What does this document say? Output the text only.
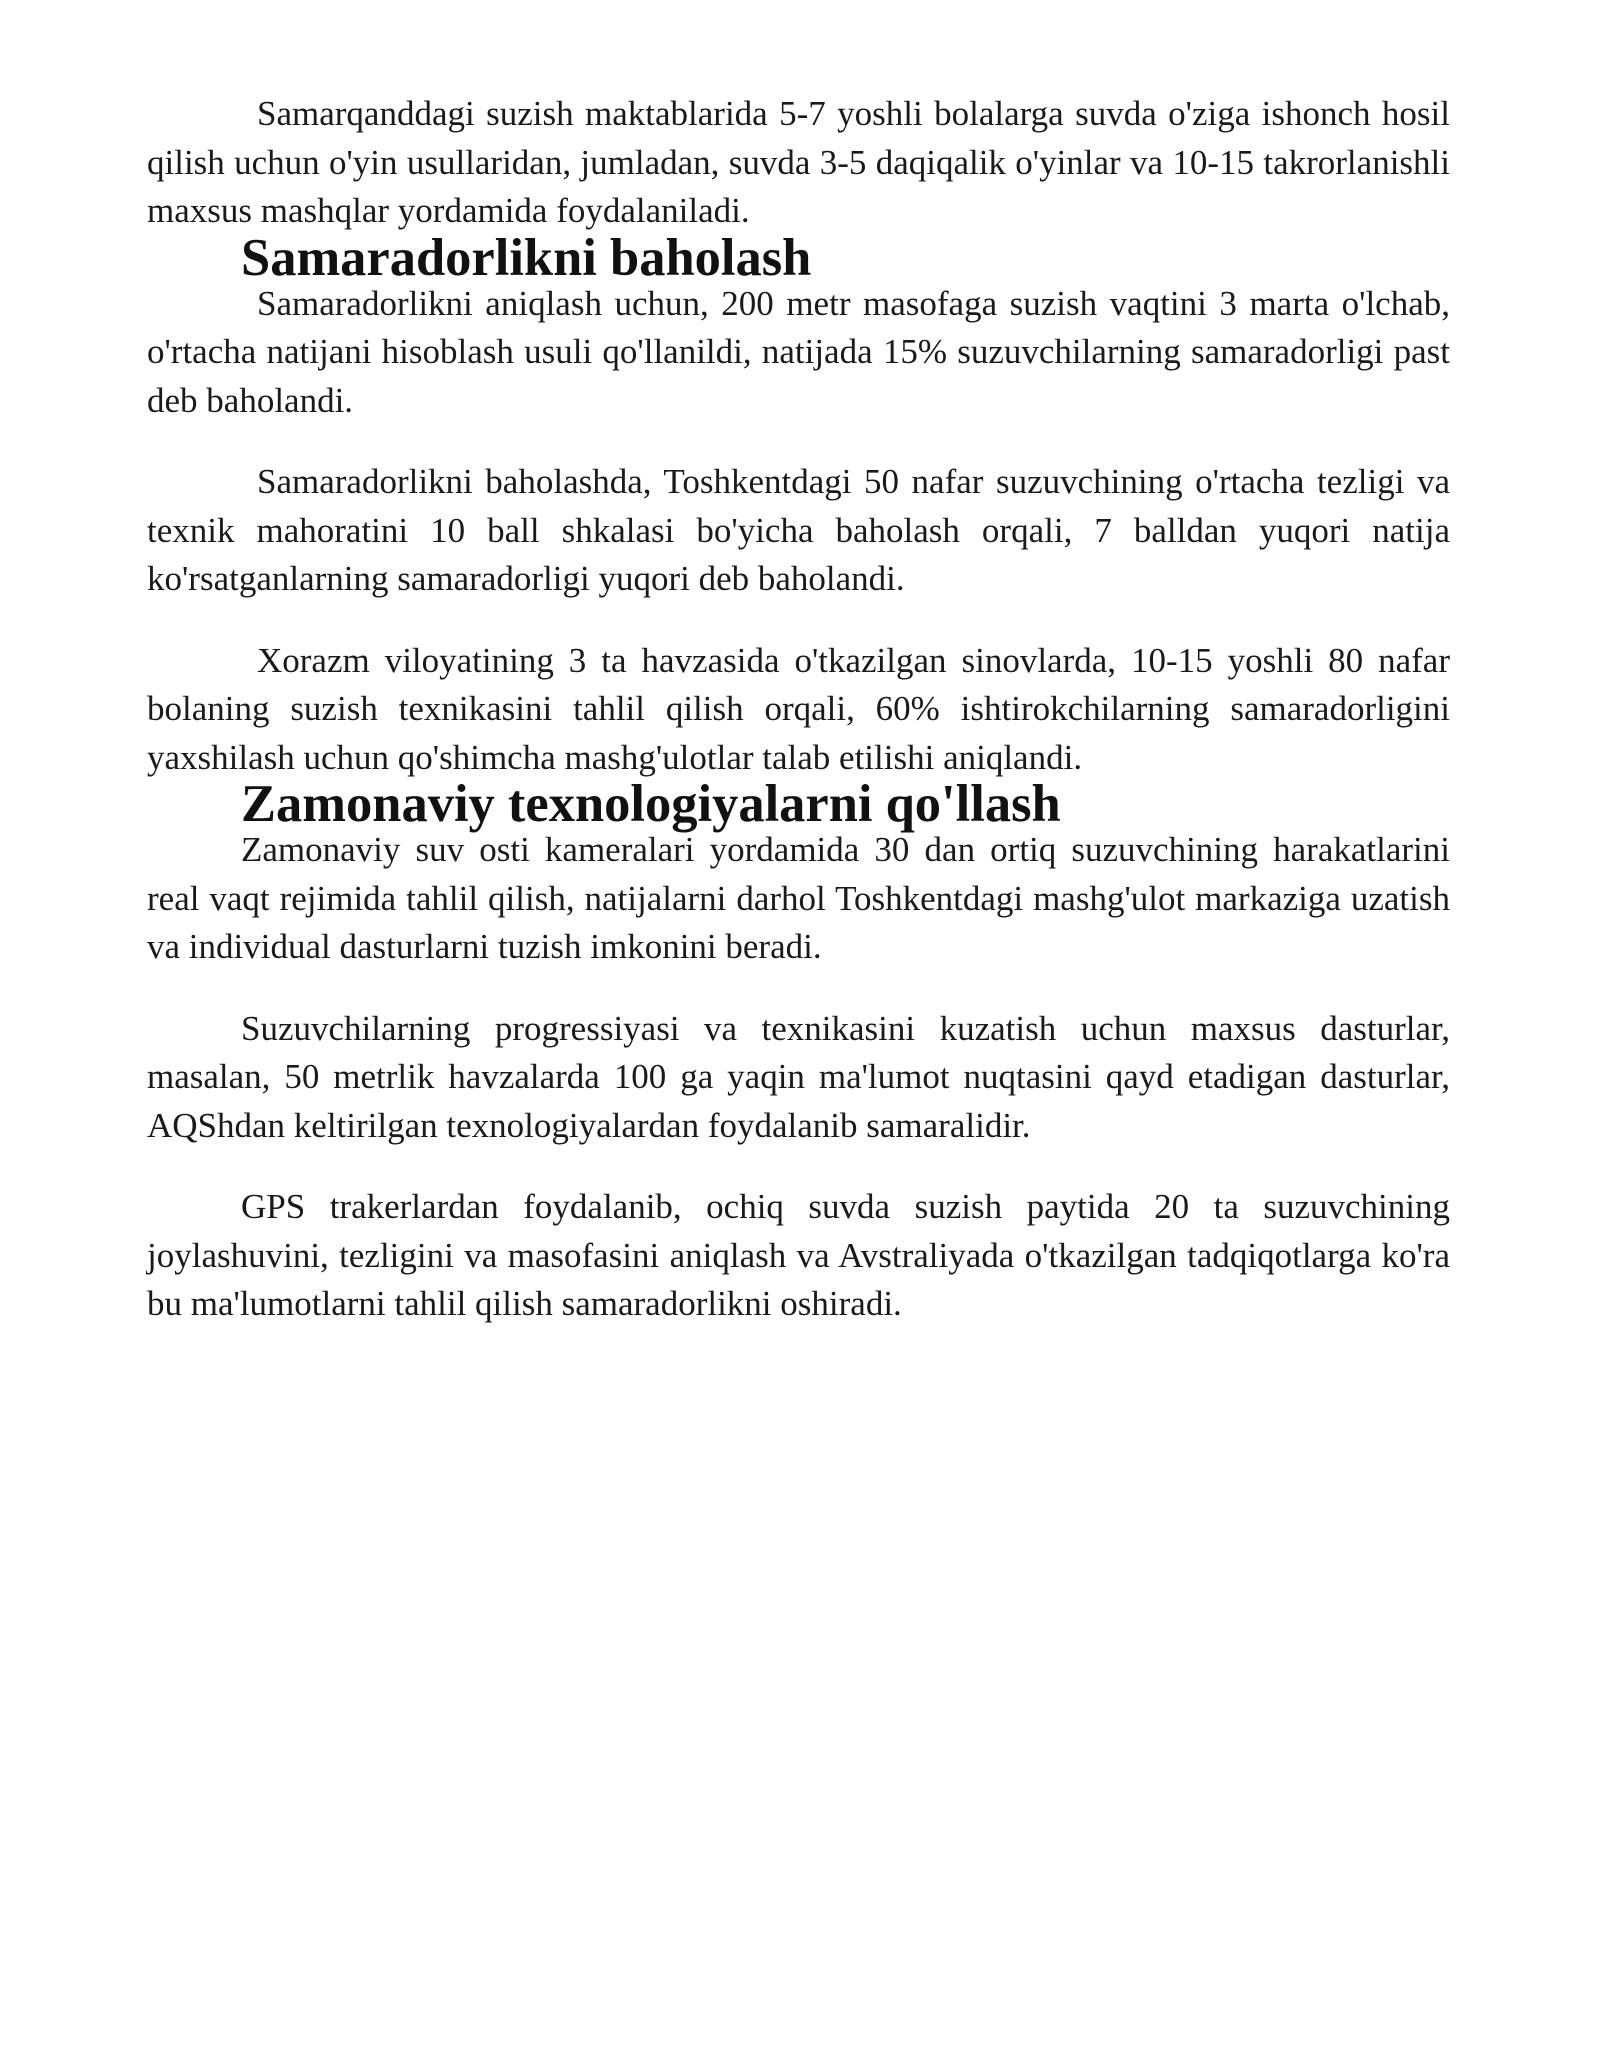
Samarqanddagi suzish maktablarida 5-7 yoshli bolalarga suvda o'ziga ishonch hosil qilish uchun o'yin usullaridan, jumladan, suvda 3-5 daqiqalik o'yinlar va 10-15 takrorlanishli maxsus mashqlar yordamida foydalaniladi.

Samaradorlikni baholash

Samaradorlikni aniqlash uchun, 200 metr masofaga suzish vaqtini 3 marta o'lchab, o'rtacha natijani hisoblash usuli qo'llanildi, natijada 15% suzuvchilarning samaradorligi past deb baholandi.

Samaradorlikni baholashda, Toshkentdagi 50 nafar suzuvchining o'rtacha tezligi va texnik mahoratini 10 ball shkalasi bo'yicha baholash orqali, 7 balldan yuqori natija ko'rsatganlarning samaradorligi yuqori deb baholandi.

Xorazm viloyatining 3 ta havzasida o'tkazilgan sinovlarda, 10-15 yoshli 80 nafar bolaning suzish texnikasini tahlil qilish orqali, 60% ishtirokchilarning samaradorligini yaxshilash uchun qo'shimcha mashg'ulotlar talab etilishi aniqlandi.

Zamonaviy texnologiyalarni qo'llash

Zamonaviy suv osti kameralari yordamida 30 dan ortiq suzuvchining harakatlarini real vaqt rejimida tahlil qilish, natijalarni darhol Toshkentdagi mashg'ulot markaziga uzatish va individual dasturlarni tuzish imkonini beradi.

Suzuvchilarning progressiyasi va texnikasini kuzatish uchun maxsus dasturlar, masalan, 50 metrlik havzalarda 100 ga yaqin ma'lumot nuqtasini qayd etadigan dasturlar, AQShdan keltirilgan texnologiyalardan foydalanib samaralidir.

GPS trakerlardan foydalanib, ochiq suvda suzish paytida 20 ta suzuvchining joylashuvini, tezligini va masofasini aniqlash va Avstraliyada o'tkazilgan tadqiqotlarga ko'ra bu ma'lumotlarni tahlil qilish samaradorlikni oshiradi.
